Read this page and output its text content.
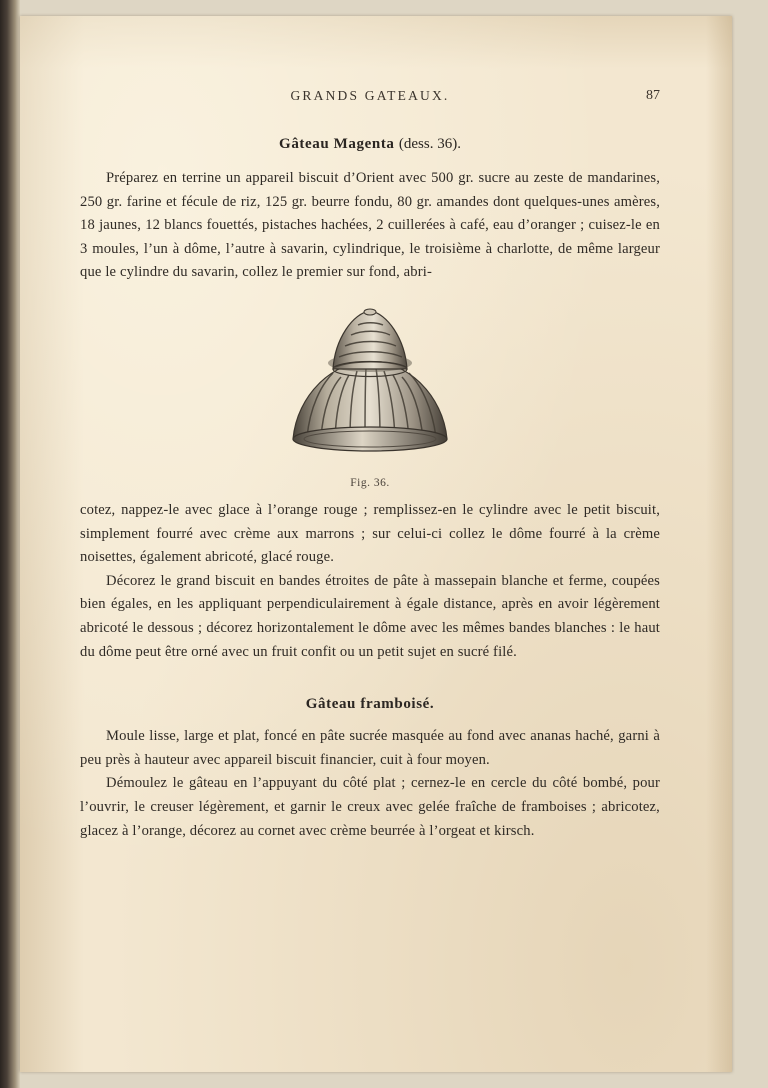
GRANDS GATEAUX.	87
Gâteau Magenta (dess. 36).

Préparez en terrine un appareil biscuit d’Orient avec 500 gr. sucre au zeste de mandarines, 250 gr. farine et fécule de riz, 125 gr. beurre fondu, 80 gr. amandes dont quelques-unes amères, 18 jaunes, 12 blancs fouettés, pistaches hachées, 2 cuillerées à café, eau d’oranger ; cuisez-le en 3 moules, l’un à dôme, l’autre à savarin, cylindrique, le troisième à charlotte, de même largeur que le cylindre du savarin, collez le premier sur fond, abri-

Fig. 36.

cotez, nappez-le avec glace à l’orange rouge ; remplissez-en le cylindre avec le petit biscuit, simplement fourré avec crème aux marrons ; sur celui-ci collez le dôme fourré à la crème noisettes, également abricoté, glacé rouge.

Décorez le grand biscuit en bandes étroites de pâte à massepain blanche et ferme, coupées bien égales, en les appliquant perpendiculairement à égale distance, après en avoir légèrement abricoté le dessous ; décorez horizontalement le dôme avec les mêmes bandes blanches : le haut du dôme peut être orné avec un fruit confit ou un petit sujet en sucré filé.

Gâteau framboisé.

Moule lisse, large et plat, foncé en pâte sucrée masquée au fond avec ananas haché, garni à peu près à hauteur avec appareil biscuit financier, cuit à four moyen.

Démoulez le gâteau en l’appuyant du côté plat ; cernez-le en cercle du côté bombé, pour l’ouvrir, le creuser légèrement, et garnir le creux avec gelée fraîche de framboises ; abricotez, glacez à l’orange, décorez au cornet avec crème beurrée à l’orgeat et kirsch.
